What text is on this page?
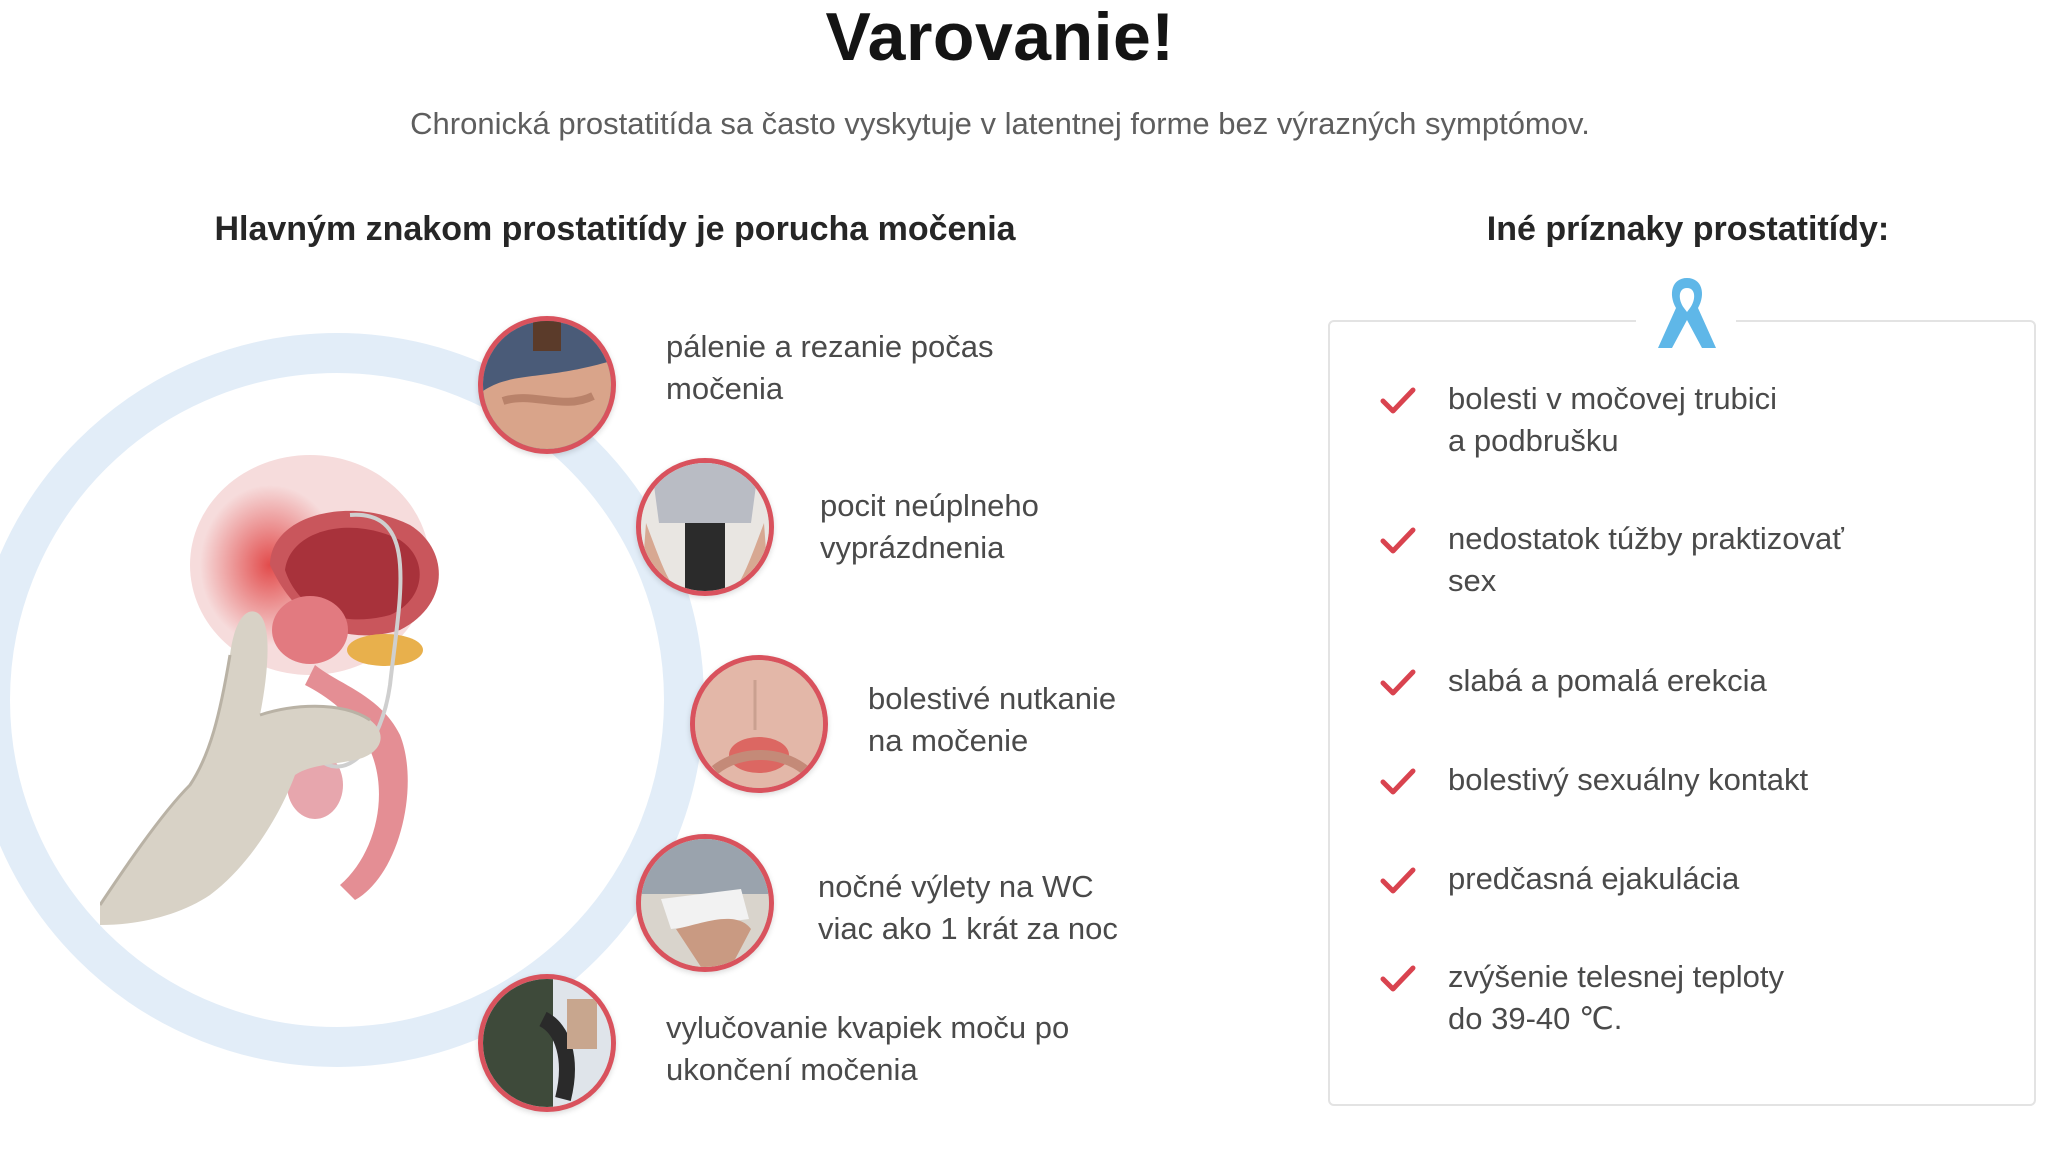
Varovanie!
Chronická prostatitída sa často vyskytuje v latentnej forme bez výrazných symptómov.
Hlavným znakom prostatitídy je porucha močenia	Iné príznaky prostatitídy:
pálenie a rezanie počas
močenia
pocit neúplneho
vyprázdnenia
bolestivé nutkanie
na močenie
nočné výlety na WC
viac ako 1 krát za noc
vylučovanie kvapiek moču po
ukončení močenia
bolesti v močovej trubici
a podbrušku
nedostatok túžby praktizovať
sex
slabá a pomalá erekcia
bolestivý sexuálny kontakt
predčasná ejakulácia
zvýšenie telesnej teploty
do 39-40 ℃.
